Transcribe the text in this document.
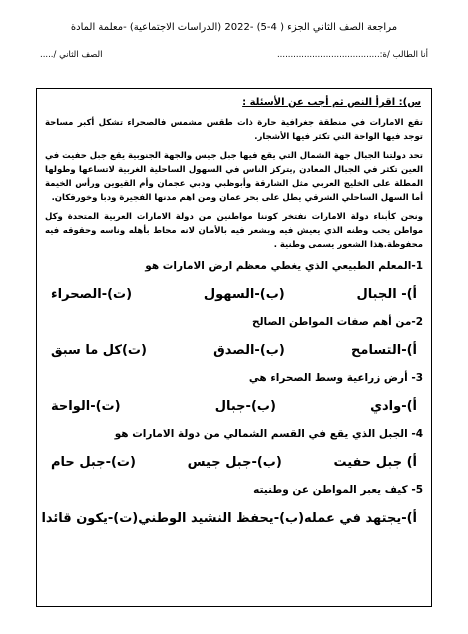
مراجعة الصف الثاني الجزء ( 4-5) -2022 (الدراسات الاجتماعية) -معلمة المادة
أنا الطالب /ة:......................................
الصف الثاني /.....
س): اقرأ النص ثم أجب عن الأسئلة :

تقع الامارات في منطقة جغرافية حارة ذات طقس مشمس فالصحراء تشكل أكبر مساحة توجد فيها الواحة التي تكثر فيها الأشجار.

تحد دولتنا الجبال جهة الشمال التي يقع فيها جبل جيس والجهة الجنوبية يقع جبل حفيت في العين تكثر في الجبال المعادن ,يتركز الناس في السهول الساحلية الغربية لاتساعها وطولها المطلة على الخليج العربي مثل الشارقة وأبوظبي ودبي عجمان وأم القيوين ورأس الخيمة أما السهل الساحلي الشرقي يطل على بحر عمان ومن اهم مدنها الفجيرة ودبا وخورفكان.

ونحن كأبناء دولة الامارات نفتخر كوننا مواطنين من دولة الامارات العربية المتحدة وكل مواطن يحب وطنه الذي يعيش فيه ويشعر فيه بالأمان لانه محاط بأهله وناسه وحقوقه فيه محفوظة.هذا الشعور يسمى وطنية .

1-المعلم الطبيعي الذي يغطي معظم ارض الامارات هو
أ)- الجبال
(ب)-السهول
(ت)-الصحراء
2-من أهم صفات المواطن الصالح
أ)-التسامح
(ب)-الصدق
(ت)كل ما سبق
3- أرض زراعية وسط الصحراء هي
أ)-وادي
(ب)-جبال
(ت)-الواحة
4- الجبل الذي يقع في القسم الشمالي من دولة الامارات هو
أ) جبل حفيت
(ب)-جبل جيس
(ت)-جبل حام
5- كيف يعبر المواطن عن وطنيته
أ)-يجتهد في عمله
(ب)-يحفظ النشيد الوطني
(ت)-يكون قائدا
